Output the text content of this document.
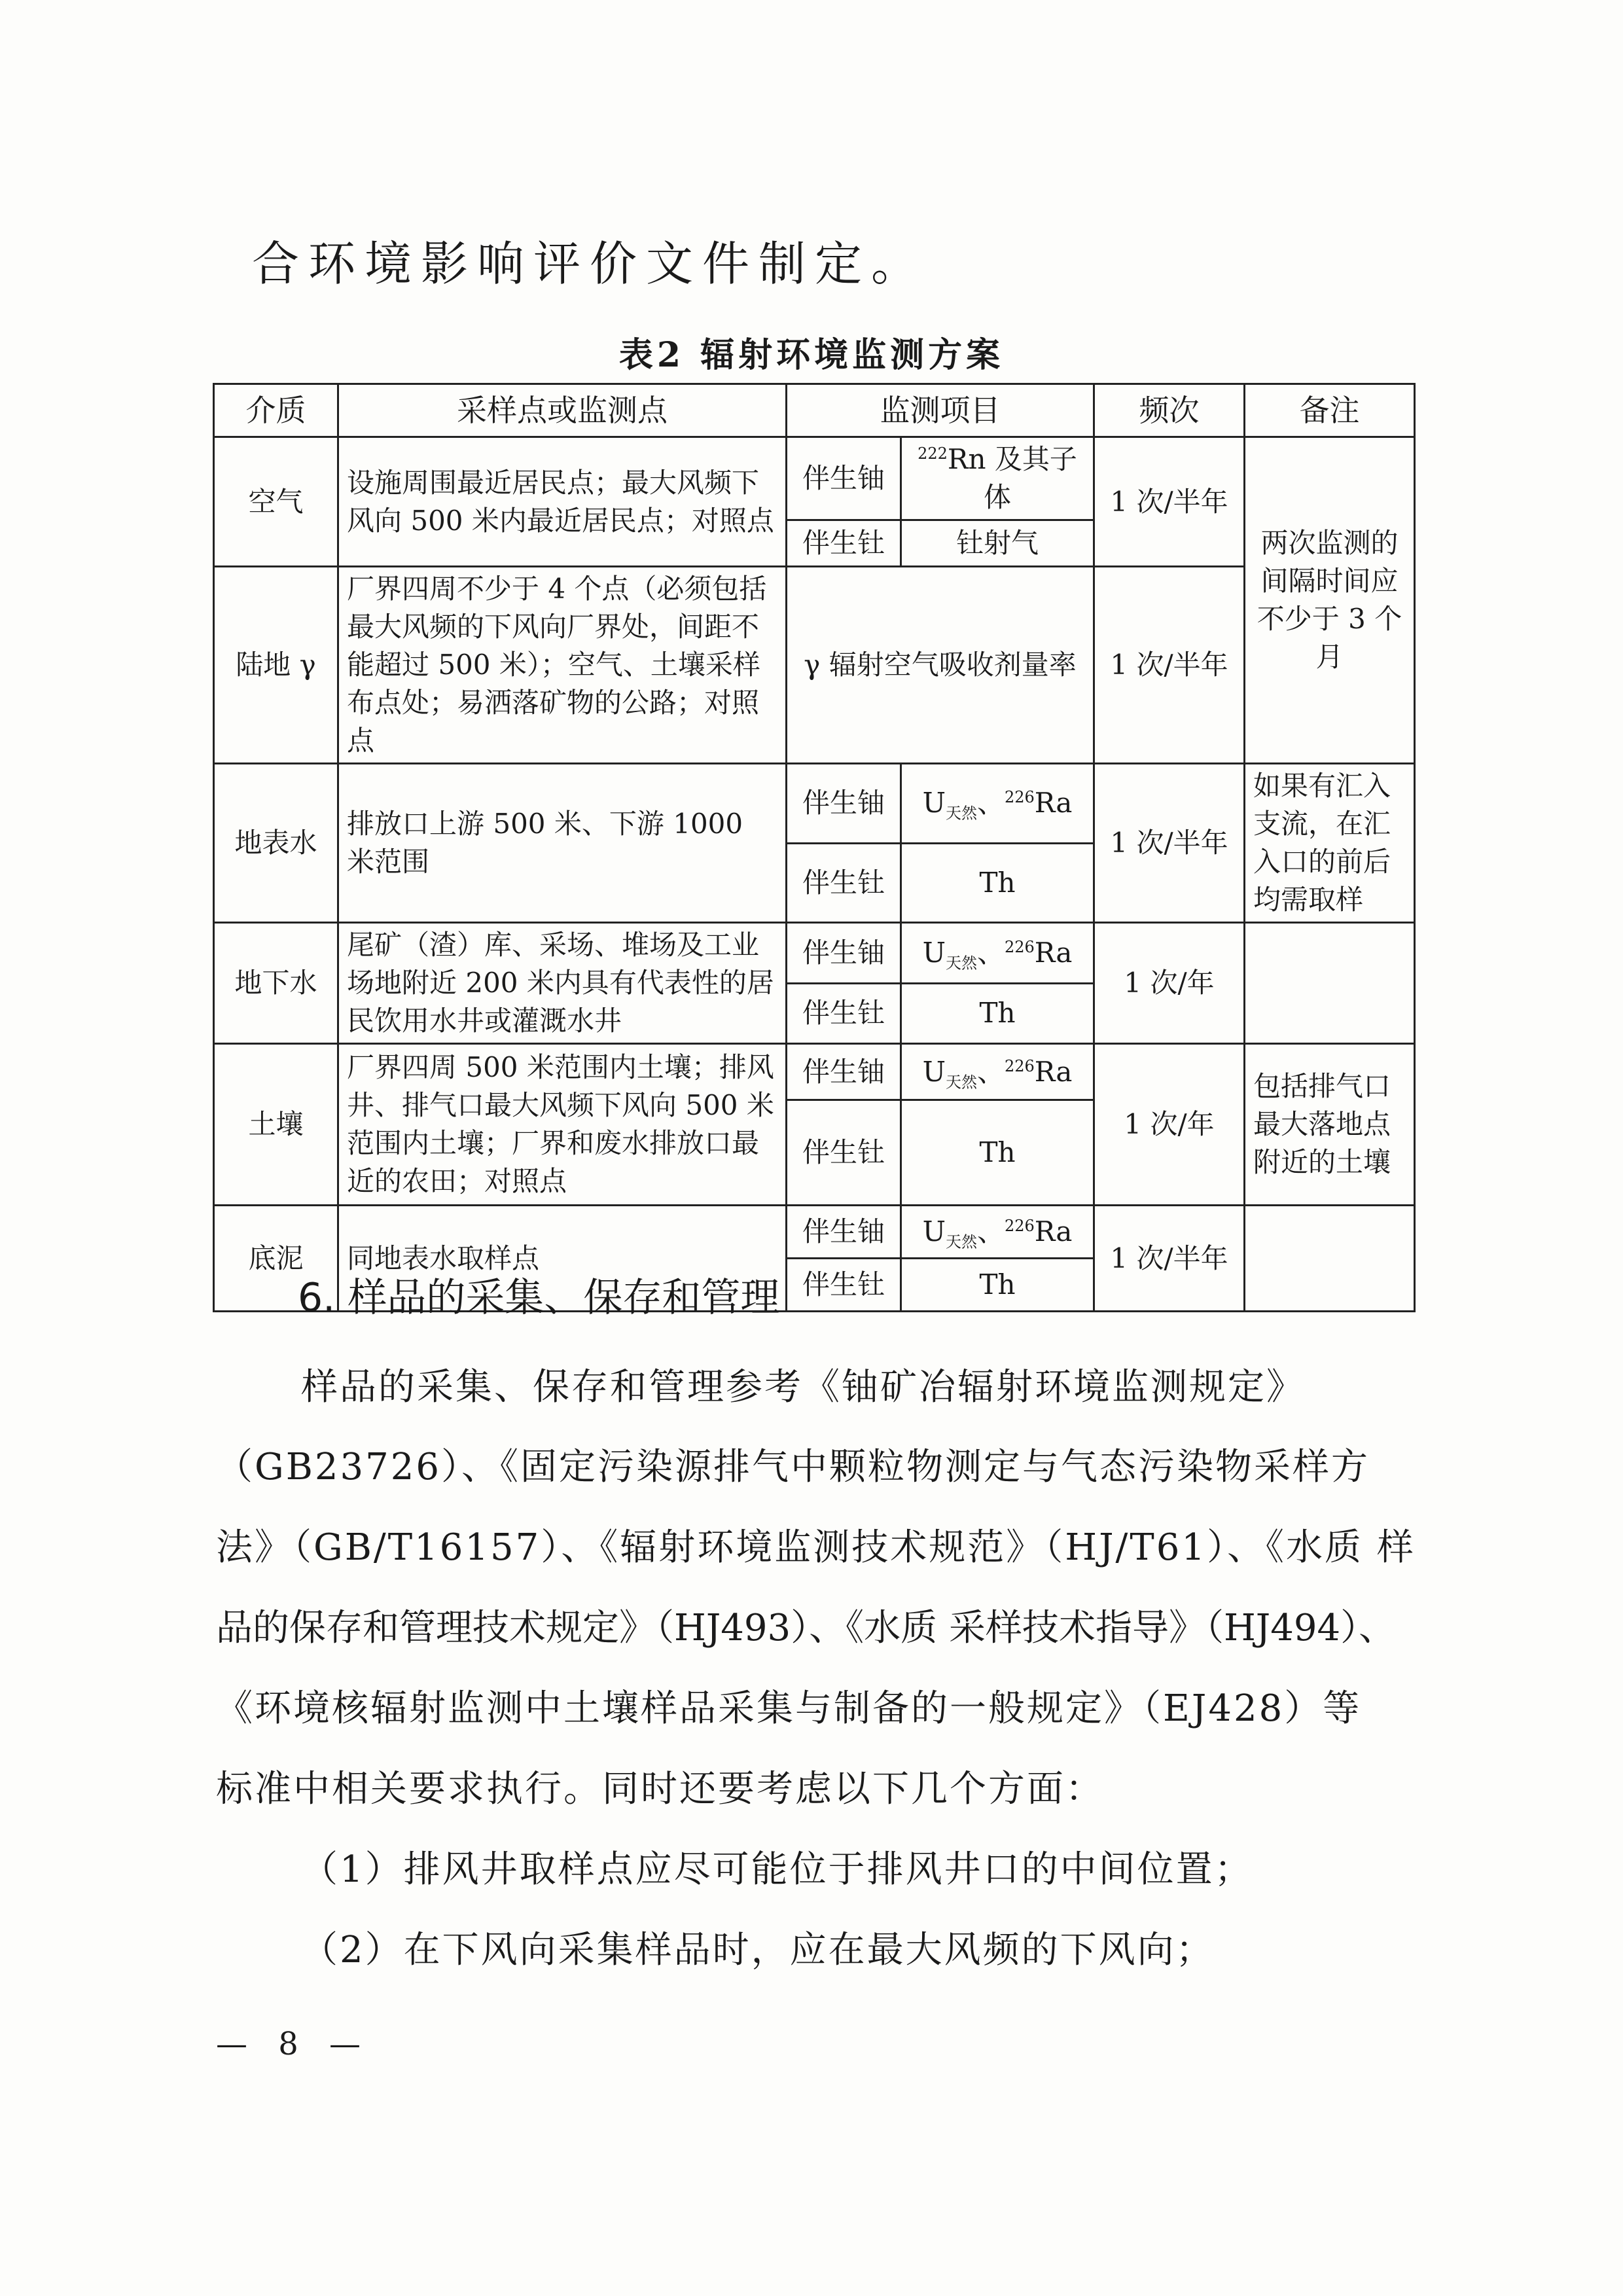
合环境影响评价文件制定。
表2 辐射环境监测方案
介质	采样点或监测点	监测项目		频次	备注
空气	设施周围最近居民点；最大风频下风向 500 米内最近居民点；对照点	伴生铀	$^{222}$Rn 及其子体	1 次/半年	两次监测的间隔时间应不少于 3 个月
		伴生钍	钍射气		
陆地 γ	厂界四周不少于 4 个点（必须包括最大风频的下风向厂界处，间距不能超过 500 米）；空气、土壤采样布点处；易洒落矿物的公路；对照点	γ 辐射空气吸收剂量率		1 次/半年	
地表水	排放口上游 500 米、下游 1000 米范围	伴生铀	$U_{天然}$、$^{226}$Ra	1 次/半年	如果有汇入支流，在汇入口的前后均需取样
		伴生钍	Th		
地下水	尾矿（渣）库、采场、堆场及工业场地附近 200 米内具有代表性的居民饮用水井或灌溉水井	伴生铀	$U_{天然}$、$^{226}$Ra	1 次/年	
		伴生钍	Th		
土壤	厂界四周 500 米范围内土壤；排风井、排气口最大风频下风向 500 米范围内土壤；厂界和废水排放口最近的农田；对照点	伴生铀	$U_{天然}$、$^{226}$Ra	1 次/年	包括排气口最大落地点附近的土壤
		伴生钍	Th		
底泥	同地表水取样点	伴生铀	$U_{天然}$、$^{226}$Ra	1 次/半年	
		伴生钍	Th		
6. 样品的采集、保存和管理
样品的采集、保存和管理参考《铀矿冶辐射环境监测规定》
（GB23726）、《固定污染源排气中颗粒物测定与气态污染物采样方
法》（GB/T16157）、《辐射环境监测技术规范》（HJ/T61）、《水质 样
品的保存和管理技术规定》（HJ493）、《水质 采样技术指导》（HJ494）、
《环境核辐射监测中土壤样品采集与制备的一般规定》（EJ428）等
标准中相关要求执行。同时还要考虑以下几个方面：
（1）排风井取样点应尽可能位于排风井口的中间位置；
（2）在下风向采集样品时，应在最大风频的下风向；
— 8 —
